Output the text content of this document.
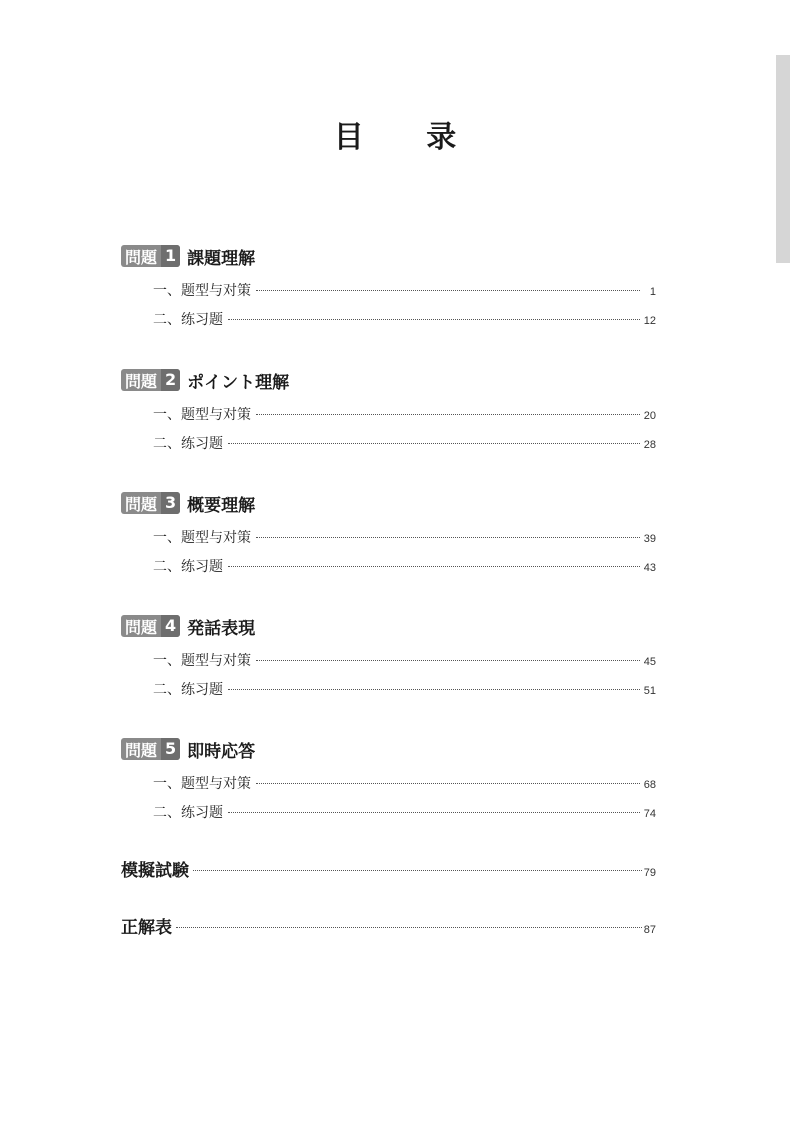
目 录
問題 1 課題理解
一、题型与对策	1
二、练习题	12
問題 2 ポイント理解
一、题型与对策	20
二、练习题	28
問題 3 概要理解
一、题型与对策	39
二、练习题	43
問題 4 発話表現
一、题型与对策	45
二、练习题	51
問題 5 即時応答
一、题型与对策	68
二、练习题	74
模擬試験	79
正解表	87
